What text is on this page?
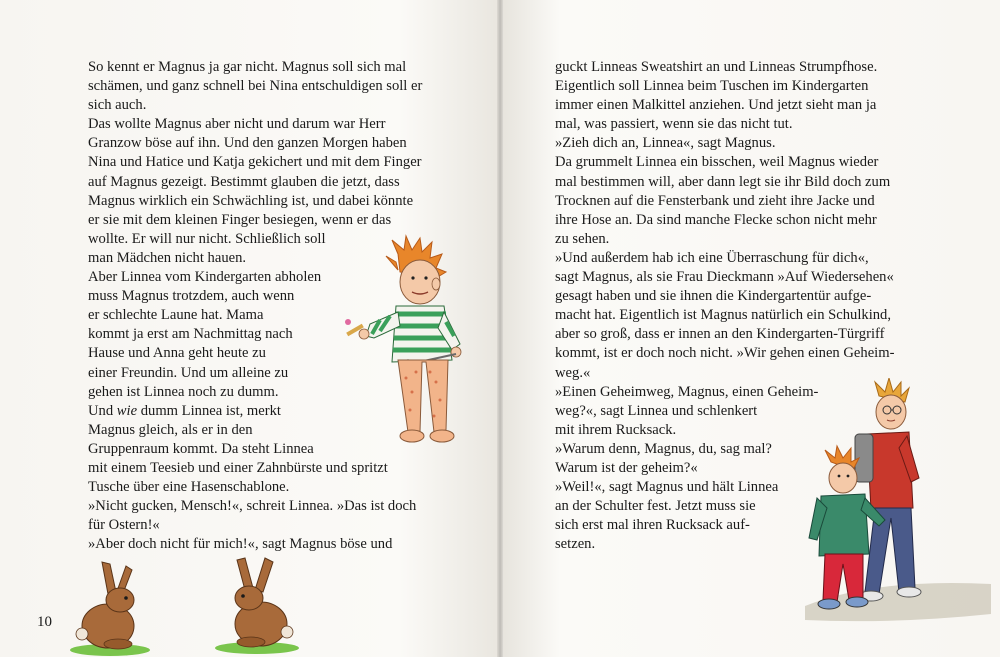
So kennt er Magnus ja gar nicht. Magnus soll sich mal

schämen, und ganz schnell bei Nina entschuldigen soll er

sich auch.

Das wollte Magnus aber nicht und darum war Herr

Granzow böse auf ihn. Und den ganzen Morgen haben

Nina und Hatice und Katja gekichert und mit dem Finger

auf Magnus gezeigt. Bestimmt glauben die jetzt, dass

Magnus wirklich ein Schwächling ist, und dabei könnte

er sie mit dem kleinen Finger besiegen, wenn er das

wollte. Er will nur nicht. Schließlich soll

man Mädchen nicht hauen.

Aber Linnea vom Kindergarten abholen

muss Magnus trotzdem, auch wenn

er schlechte Laune hat. Mama

kommt ja erst am Nachmittag nach

Hause und Anna geht heute zu

einer Freundin. Und um alleine zu

gehen ist Linnea noch zu dumm.

Und wie dumm Linnea ist, merkt

Magnus gleich, als er in den

Gruppenraum kommt. Da steht Linnea

mit einem Teesieb und einer Zahnbürste und spritzt

Tusche über eine Hasenschablone.

»Nicht gucken, Mensch!«, schreit Linnea. »Das ist doch

für Ostern!«

»Aber doch nicht für mich!«, sagt Magnus böse und

10

guckt Linneas Sweatshirt an und Linneas Strumpfhose.

Eigentlich soll Linnea beim Tuschen im Kindergarten

immer einen Malkittel anziehen. Und jetzt sieht man ja

mal, was passiert, wenn sie das nicht tut.

»Zieh dich an, Linnea«, sagt Magnus.

Da grummelt Linnea ein bisschen, weil Magnus wieder

mal bestimmen will, aber dann legt sie ihr Bild doch zum

Trocknen auf die Fensterbank und zieht ihre Jacke und

ihre Hose an. Da sind manche Flecke schon nicht mehr

zu sehen.

»Und außerdem hab ich eine Überraschung für dich«,

sagt Magnus, als sie Frau Dieckmann »Auf Wiedersehen«

gesagt haben und sie ihnen die Kindergartentür aufge-

macht hat. Eigentlich ist Magnus natürlich ein Schulkind,

aber so groß, dass er innen an den Kindergarten-Türgriff

kommt, ist er doch noch nicht. »Wir gehen einen Geheim-

weg.«

»Einen Geheimweg, Magnus, einen Geheim-

weg?«, sagt Linnea und schlenkert

mit ihrem Rucksack.

»Warum denn, Magnus, du, sag mal?

Warum ist der geheim?«

»Weil!«, sagt Magnus und hält Linnea

an der Schulter fest. Jetzt muss sie

sich erst mal ihren Rucksack auf-

setzen.
